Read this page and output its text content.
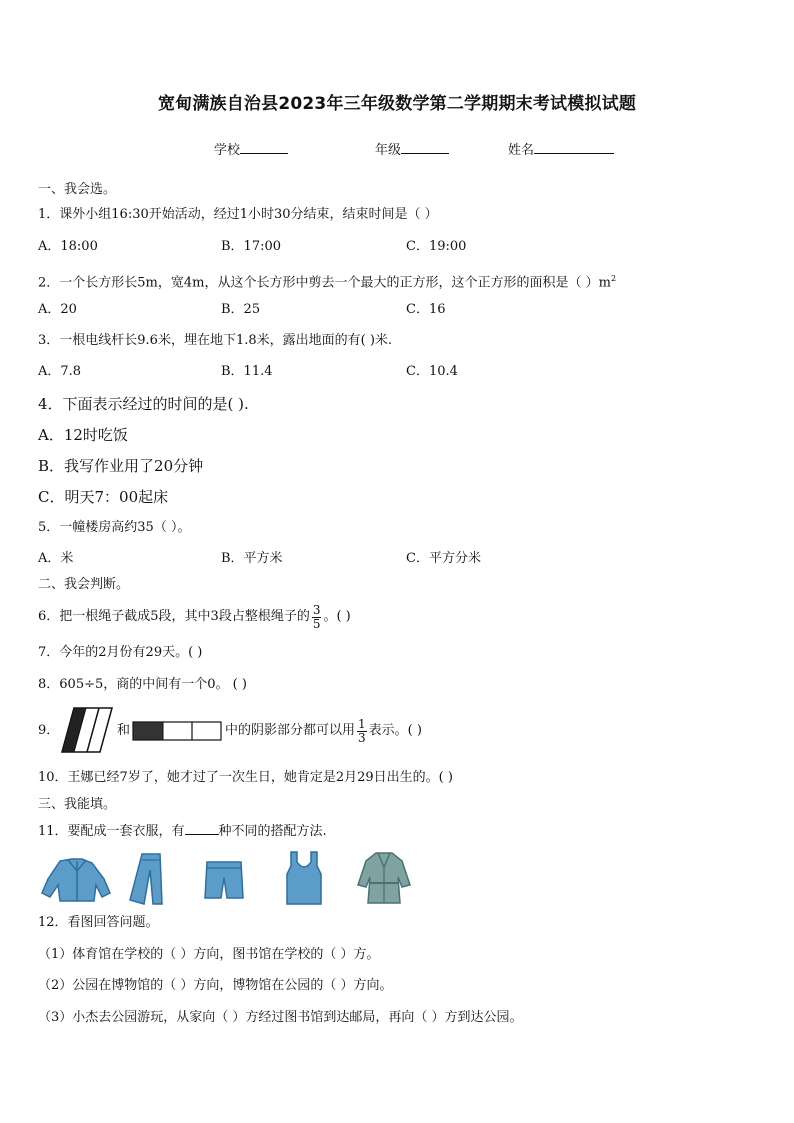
宽甸满族自治县2023年三年级数学第二学期期末考试模拟试题
学校	年级	姓名
一、我会选。
1．课外小组16:30开始活动，经过1小时30分结束，结束时间是（ ）
A．18:00	B．17:00	C．19:00
2．一个长方形长5m，宽4m，从这个长方形中剪去一个最大的正方形，这个正方形的面积是（ ）$m^2$
A．20	B．25	C．16
3．一根电线杆长9.6米，埋在地下1.8米，露出地面的有( )米.
A．7.8	B．11.4	C．10.4
4．下面表示经过的时间的是( ).
A．12时吃饭
B．我写作业用了20分钟
C．明天7：00起床
5．一幢楼房高约35（ ）。
A．米	B．平方米	C．平方分米
二、我会判断。
6．把一根绳子截成5段，其中3段占整根绳子的 $\frac{3}{5}$ 。( )
7．今年的2月份有29天。( )
8．605÷5，商的中间有一个0。 ( )
9．	和	中的阴影部分都可以用 $\frac{1}{3}$ 表示。( )
10．王娜已经7岁了，她才过了一次生日，她肯定是2月29日出生的。( )
三、我能填。
11．要配成一套衣服，有	种不同的搭配方法.
12．看图回答问题。
（1）体育馆在学校的（ ）方向，图书馆在学校的（ ）方。
（2）公园在博物馆的（ ）方向，博物馆在公园的（ ）方向。
（3）小杰去公园游玩，从家向（ ）方经过图书馆到达邮局，再向（ ）方到达公园。
